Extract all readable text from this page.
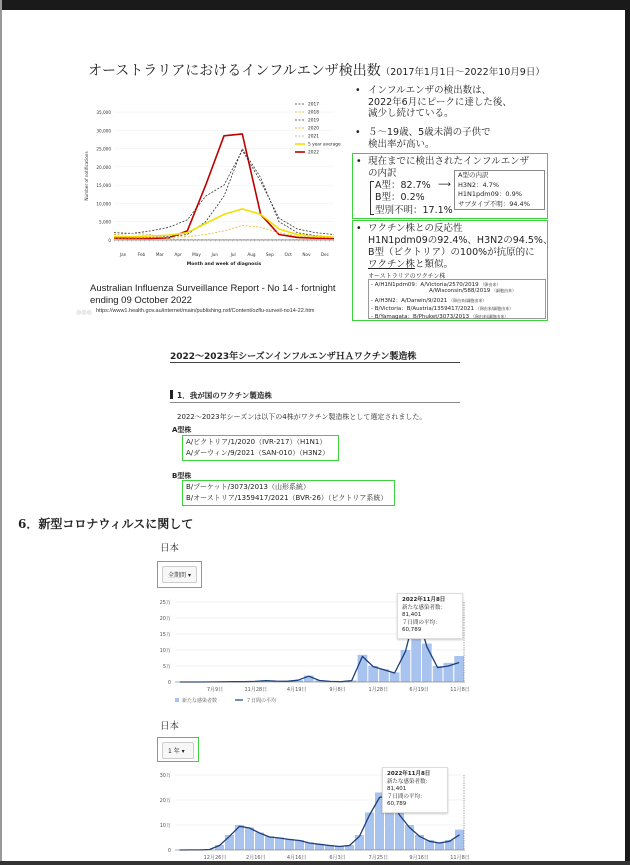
オーストラリアにおけるインフルエンザ検出数（2017年1月1日～2022年10月9日）
0
5,000
10,000
15,000
20,000
25,000
30,000
35,000
Number of notifications
Jan	Feb	Mar	Apr May	Jun	Jul	Aug Sep	Oct	Nov Dec
Month and week of diagnosis
2017
2018
2019
2020
2021
5 year average
2022
Australian Influenza Surveillance Report - No 14 - fortnight ending 09 October 2022
◎◎◎ https://www1.health.gov.au/internet/main/publishing.nsf/Content/ozflu-surveil-no14-22.htm
• インフルエンザの検出数は、
2022年6月にピークに達した後、
減少し続けている。
• ５～19歳、5歳未満の子供で
検出率が高い。
• 現在までに検出されたインフルエンザ
の内訳
A型：82.7%
B型：0.2%
型別不明：17.1%
⟶
A型の内訳
H3N2：4.7%
H1N1pdm09：0.9%
サブタイプ不明：94.4%
• ワクチン株との反応性
H1N1pdm09の92.4%、H3N2の94.5%、
B型（ビクトリア）の100%が抗原的に
ワクチン株と類似。
オーストラリアのワクチン株
- A/H1N1pdm09：A/Victoria/2570/2019 （卵由来）
A/Wisconsin/588/2019 （細胞由来）
- A/H3N2：A/Darwin/9/2021 （卵由来/細胞由来）
- B/Victoria：B/Austria/1359417/2021 （卵由来/細胞由来）
- B/Yamagata：B/Phuket/3073/2013 （卵由来/細胞由来）
2022～2023年シーズンインフルエンザＨＡワクチン製造株
1．我が国のワクチン製造株
2022～2023年シーズンは以下の4株がワクチン製造株として選定されました。
A型株
A/ビクトリア/1/2020（IVR-217）（H1N1）
A/ダーウィン/9/2021（SAN-010）（H3N2）
B型株
B/プーケット/3073/2013（山形系統）
B/オーストリア/1359417/2021（BVR-26）（ビクトリア系統）
6．新型コロナウィルスに関して
日本
全期間 ▾
0
5万
10万
15万
20万
25万
7月9日	11月28日	4月19日	9月8日	1月28日	6月19日	11月8日
新たな感染者数	７日間の平均
2022年11月8日
新たな感染者数：81,401
７日間の平均：60,789
日本
1 年 ▾
0
10万
20万
30万
12月26日	2月16日	4月16日	6月3日	7月25日	9月16日	11月8日
2022年11月8日
新たな感染者数：81,401
７日間の平均：60,789
